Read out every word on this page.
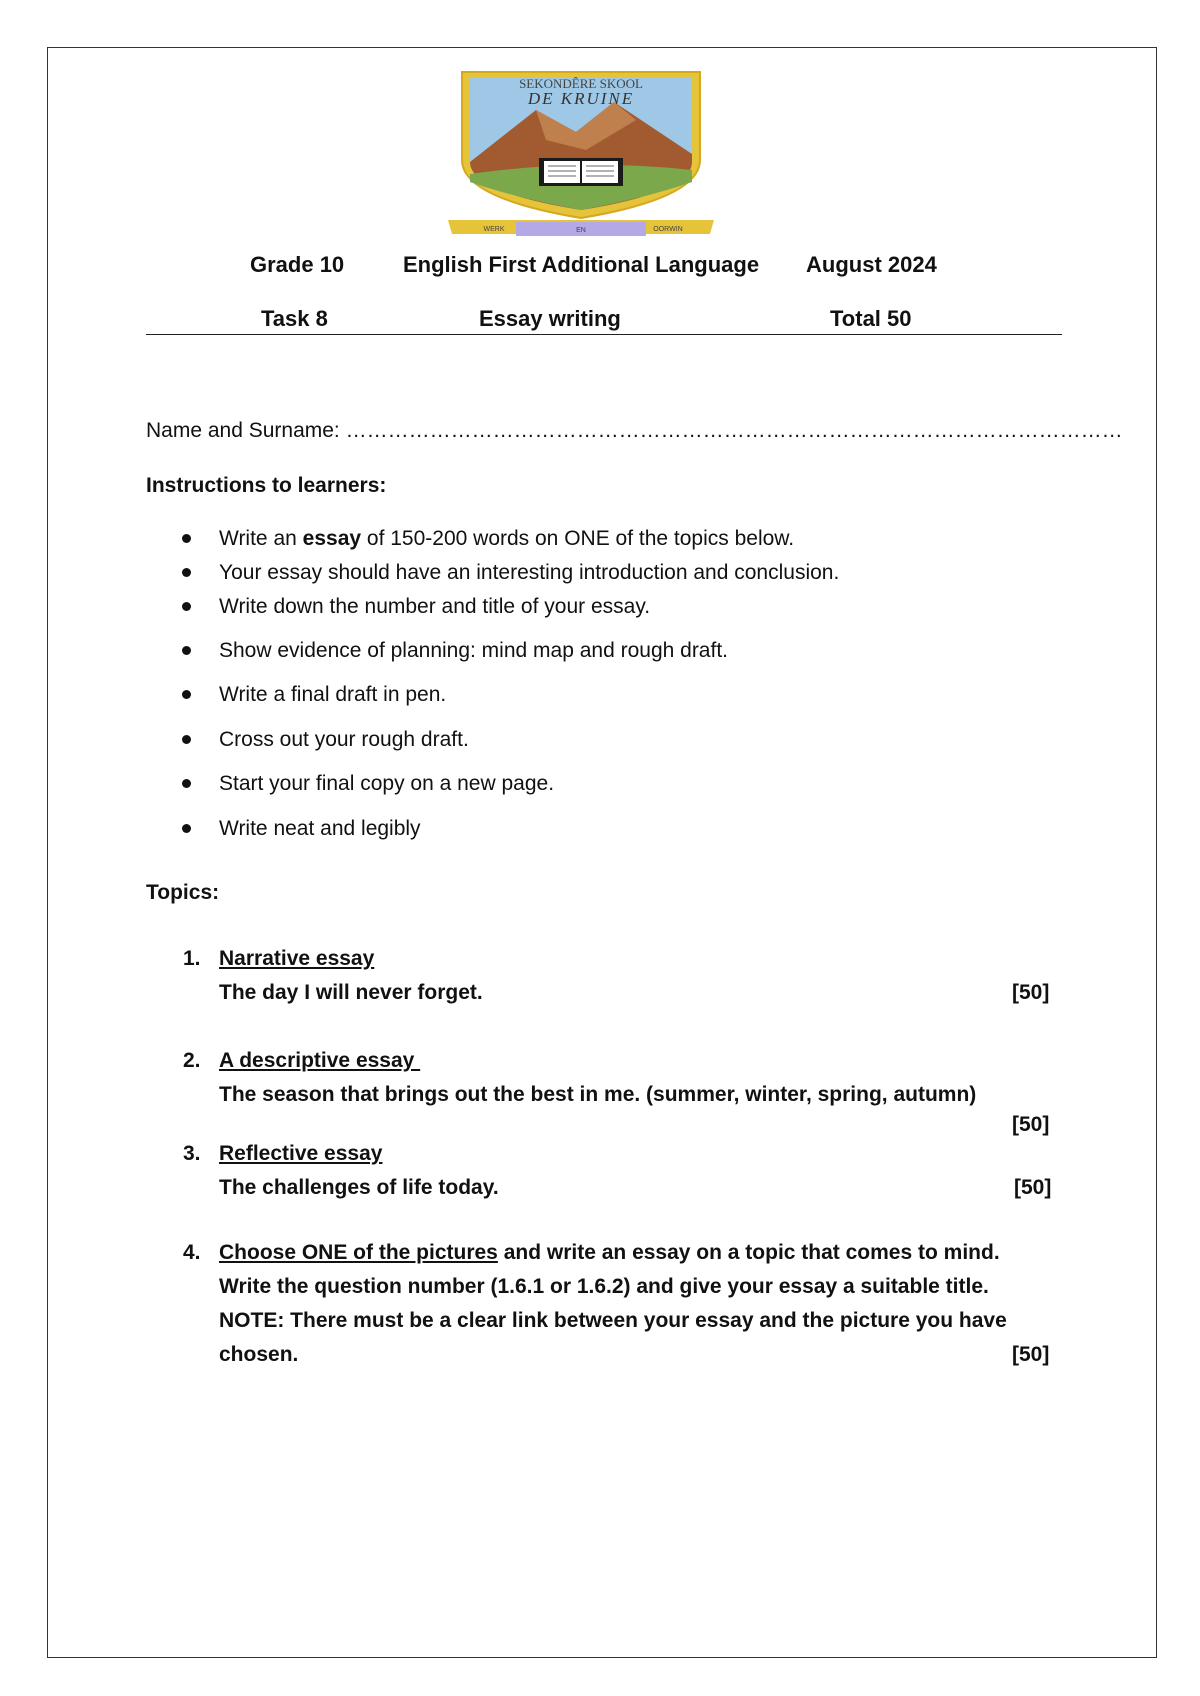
SEKONDÊRE SKOOL
DE KRUINE
WERK	EN	OORWIN
Grade 10	English First Additional Language August 2024
Task 8	Essay writing	Total 50
Name and Surname: …………………………………………………………………………………………………
Instructions to learners:
Write an essay of 150-200 words on ONE of the topics below.
Your essay should have an interesting introduction and conclusion.
Write down the number and title of your essay.
Show evidence of planning: mind map and rough draft.
Write a final draft in pen.
Cross out your rough draft.
Start your final copy on a new page.
Write neat and legibly
Topics:
1. Narrative essay
The day I will never forget.	[50]
2. A descriptive essay
The season that brings out the best in me. (summer, winter, spring, autumn)
[50]
3. Reflective essay
The challenges of life today.	[50]
4. Choose ONE of the pictures and write an essay on a topic that comes to mind.
Write the question number (1.6.1 or 1.6.2) and give your essay a suitable title.
NOTE: There must be a clear link between your essay and the picture you have
chosen.	[50]
